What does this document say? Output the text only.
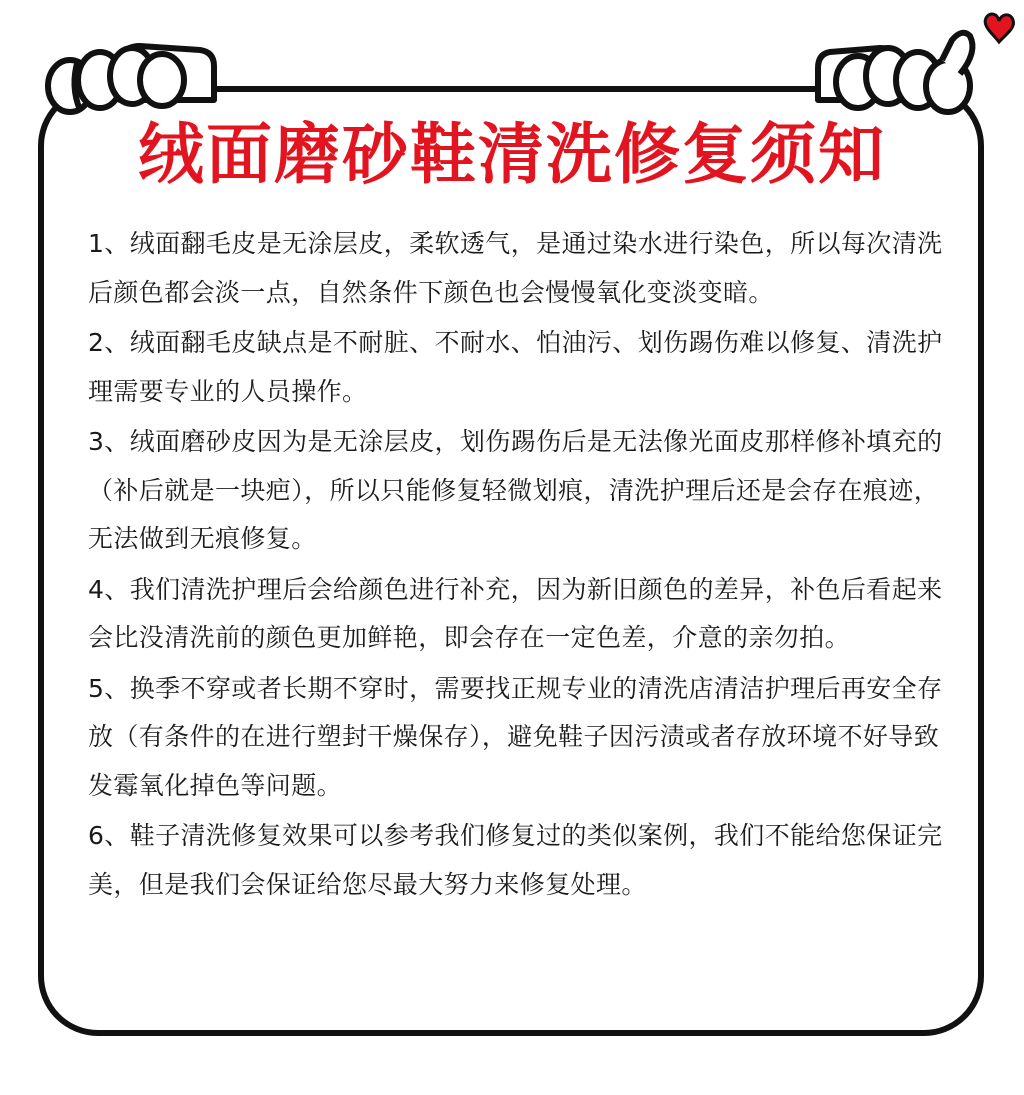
绒面磨砂鞋清洗修复须知

1、绒面翻毛皮是无涂层皮，柔软透气，是通过染水进行染色，所以每次清洗后颜色都会淡一点，自然条件下颜色也会慢慢氧化变淡变暗。

2、绒面翻毛皮缺点是不耐脏、不耐水、怕油污、划伤踢伤难以修复、清洗护理需要专业的人员操作。

3、绒面磨砂皮因为是无涂层皮，划伤踢伤后是无法像光面皮那样修补填充的（补后就是一块疤），所以只能修复轻微划痕，清洗护理后还是会存在痕迹，无法做到无痕修复。

4、我们清洗护理后会给颜色进行补充，因为新旧颜色的差异，补色后看起来会比没清洗前的颜色更加鲜艳，即会存在一定色差，介意的亲勿拍。

5、换季不穿或者长期不穿时，需要找正规专业的清洗店清洁护理后再安全存放（有条件的在进行塑封干燥保存），避免鞋子因污渍或者存放环境不好导致发霉氧化掉色等问题。

6、鞋子清洗修复效果可以参考我们修复过的类似案例，我们不能给您保证完美，但是我们会保证给您尽最大努力来修复处理。
